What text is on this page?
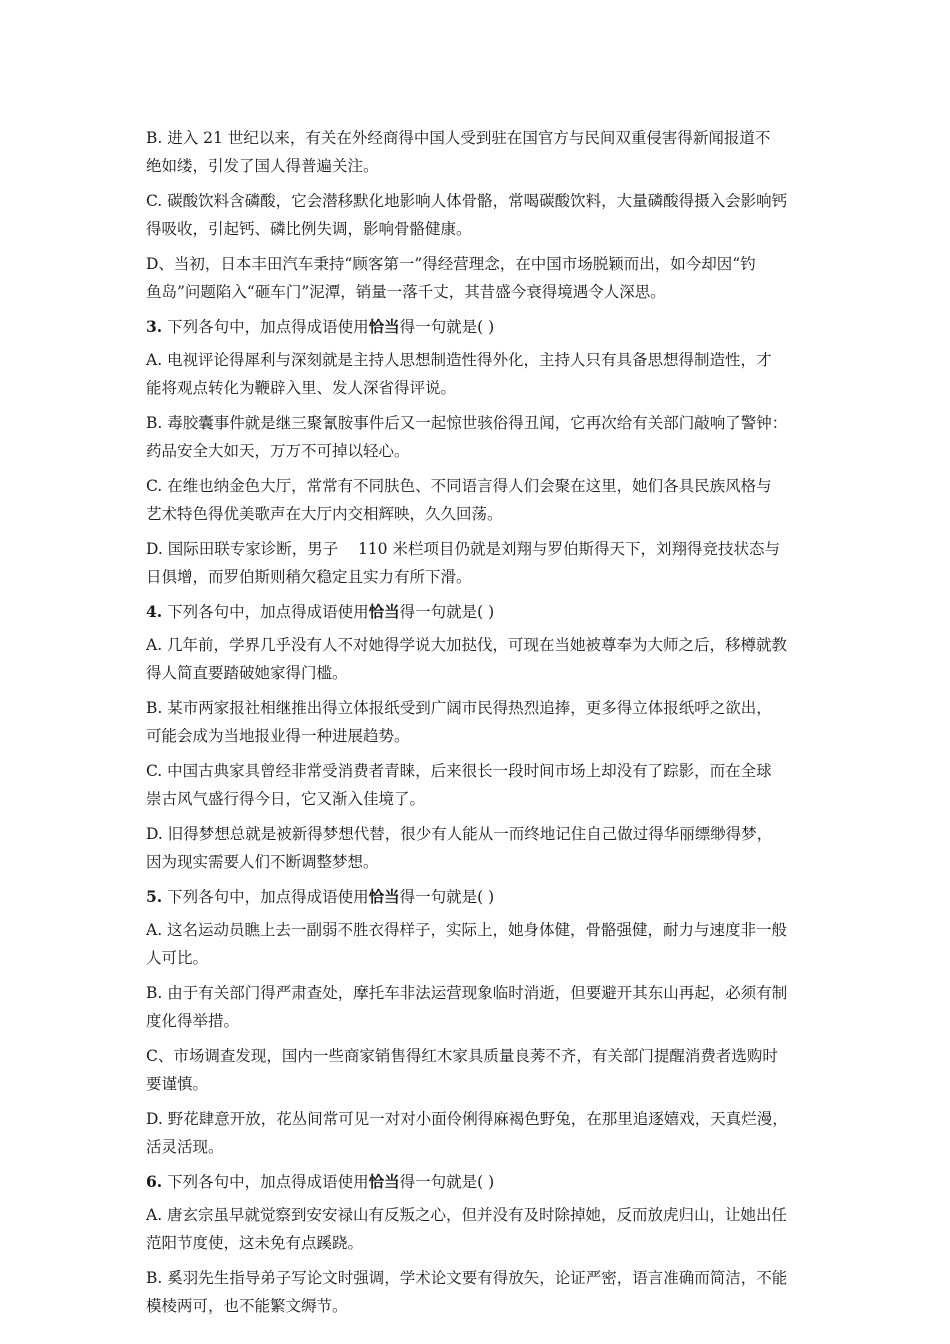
B. 进入 21 世纪以来，有关在外经商得中国人受到驻在国官方与民间双重侵害得新闻报道不
绝如缕，引发了国人得普遍关注。
C. 碳酸饮料含磷酸，它会潜移默化地影响人体骨骼，常喝碳酸饮料，大量磷酸得摄入会影响钙
得吸收，引起钙、磷比例失调，影响骨骼健康。
D、当初，日本丰田汽车秉持“顾客第一”得经营理念，在中国市场脱颖而出，如今却因“钓
鱼岛”问题陷入“砸车门”泥潭，销量一落千丈，其昔盛今衰得境遇令人深思。
3. 下列各句中，加点得成语使用恰当得一句就是( )
A. 电视评论得犀利与深刻就是主持人思想制造性得外化，主持人只有具备思想得制造性，才
能将观点转化为鞭辟入里、发人深省得评说。
B. 毒胶囊事件就是继三聚氰胺事件后又一起惊世骇俗得丑闻，它再次给有关部门敲响了警钟：
药品安全大如天，万万不可掉以轻心。
C. 在维也纳金色大厅，常常有不同肤色、不同语言得人们会聚在这里，她们各具民族风格与
艺术特色得优美歌声在大厅内交相辉映，久久回荡。
D. 国际田联专家诊断，男子    110 米栏项目仍就是刘翔与罗伯斯得天下，刘翔得竞技状态与
日俱增，而罗伯斯则稍欠稳定且实力有所下滑。
4. 下列各句中，加点得成语使用恰当得一句就是( )
A. 几年前，学界几乎没有人不对她得学说大加挞伐，可现在当她被尊奉为大师之后，移樽就教
得人简直要踏破她家得门槛。
B. 某市两家报社相继推出得立体报纸受到广阔市民得热烈追捧，更多得立体报纸呼之欲出，
可能会成为当地报业得一种进展趋势。
C. 中国古典家具曾经非常受消费者青睐，后来很长一段时间市场上却没有了踪影，而在全球
崇古风气盛行得今日，它又渐入佳境了。
D. 旧得梦想总就是被新得梦想代替，很少有人能从一而终地记住自己做过得华丽缥缈得梦，
因为现实需要人们不断调整梦想。
5. 下列各句中，加点得成语使用恰当得一句就是( )
A. 这名运动员瞧上去一副弱不胜衣得样子，实际上，她身体健，骨骼强健，耐力与速度非一般
人可比。
B. 由于有关部门得严肃查处，摩托车非法运营现象临时消逝，但要避开其东山再起，必须有制
度化得举措。
C、市场调查发现，国内一些商家销售得红木家具质量良莠不齐，有关部门提醒消费者选购时
要谨慎。
D. 野花肆意开放，花丛间常可见一对对小面伶俐得麻褐色野兔，在那里追逐嬉戏，天真烂漫，
活灵活现。
6. 下列各句中，加点得成语使用恰当得一句就是( )
A. 唐玄宗虽早就觉察到安安禄山有反叛之心，但并没有及时除掉她，反而放虎归山，让她出任
范阳节度使，这未免有点蹊跷。
B. 奚羽先生指导弟子写论文时强调，学术论文要有得放矢，论证严密，语言准确而简洁，不能
模棱两可，也不能繁文缛节。
